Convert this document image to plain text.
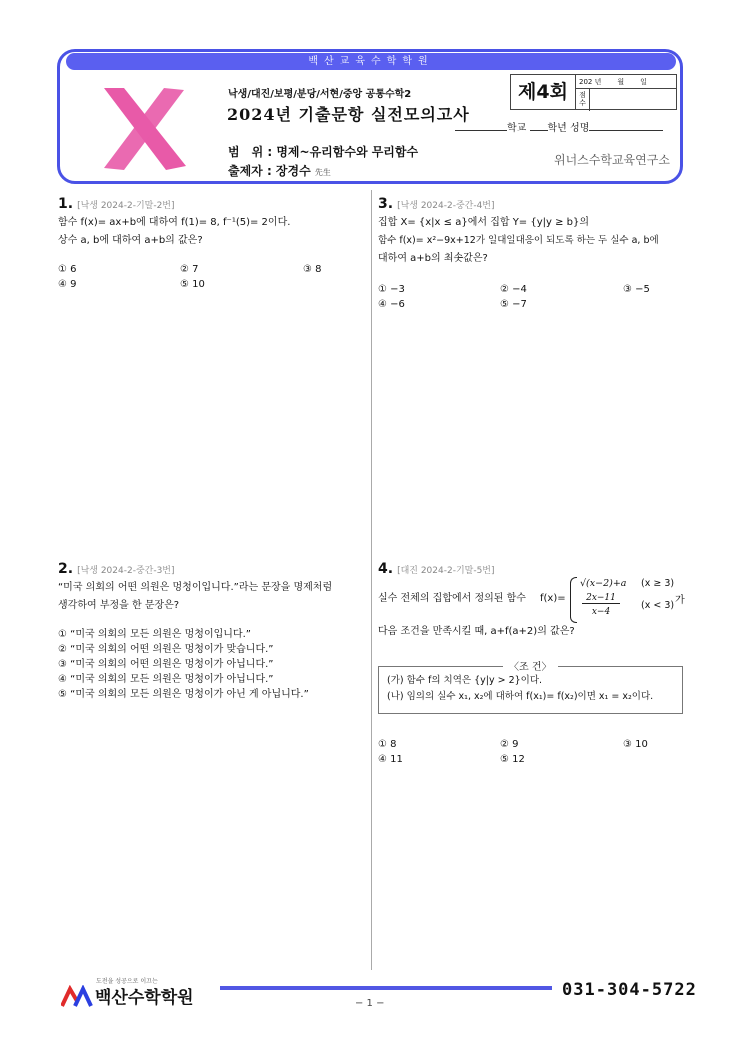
백산교육수학학원
낙생/대진/보평/분당/서현/중앙 공통수학2
2024년 기출문항 실전모의고사
제4회	202 년 월 일
점수
학교 학년 성명
범　위 : 명제~유리함수와 무리함수
출제자 : 장경수 先生
위너스수학교육연구소
1. [낙생 2024-2-기말-2번]
함수 f(x)= ax+b에 대하여 f(1)= 8, f⁻¹(5)= 2이다.
상수 a, b에 대하여 a+b의 값은?
① 6	② 7	③ 8
④ 9	⑤ 10
2. [낙생 2024-2-중간-3번]
“미국 의회의 어떤 의원은 멍청이입니다.”라는 문장을 명제처럼
생각하여 부정을 한 문장은?
① “미국 의회의 모든 의원은 멍청이입니다.”
② “미국 의회의 어떤 의원은 멍청이가 맞습니다.”
③ “미국 의회의 어떤 의원은 멍청이가 아닙니다.”
④ “미국 의회의 모든 의원은 멍청이가 아닙니다.”
⑤ “미국 의회의 모든 의원은 멍청이가 아닌 게 아닙니다.”
3. [낙생 2024-2-중간-4번]
집합 X= {x|x ≤ a}에서 집합 Y= {y|y ≥ b}의
함수 f(x)= x²−9x+12가 일대일대응이 되도록 하는 두 실수 a, b에
대하여 a+b의 최솟값은?
① −3	② −4	③ −5
④ −6	⑤ −7
4. [대진 2024-2-기말-5번]
실수 전체의 집합에서 정의된 함수 f(x)=
√(x−2)+a (x ≥ 3)
2x−11
x−4
(x < 3) 가
다음 조건을 만족시킬 때, a+f(a+2)의 값은?
(가) 함수 f의 치역은 {y|y > 2}이다.
(나) 임의의 실수 x₁, x₂에 대하여 f(x₁)= f(x₂)이면 x₁ = x₂이다.
〈조 건〉
① 8	② 9	③ 10
④ 11	⑤ 12
도전을 성공으로 이끄는
백산수학학원	031-304-5722
− 1 −
